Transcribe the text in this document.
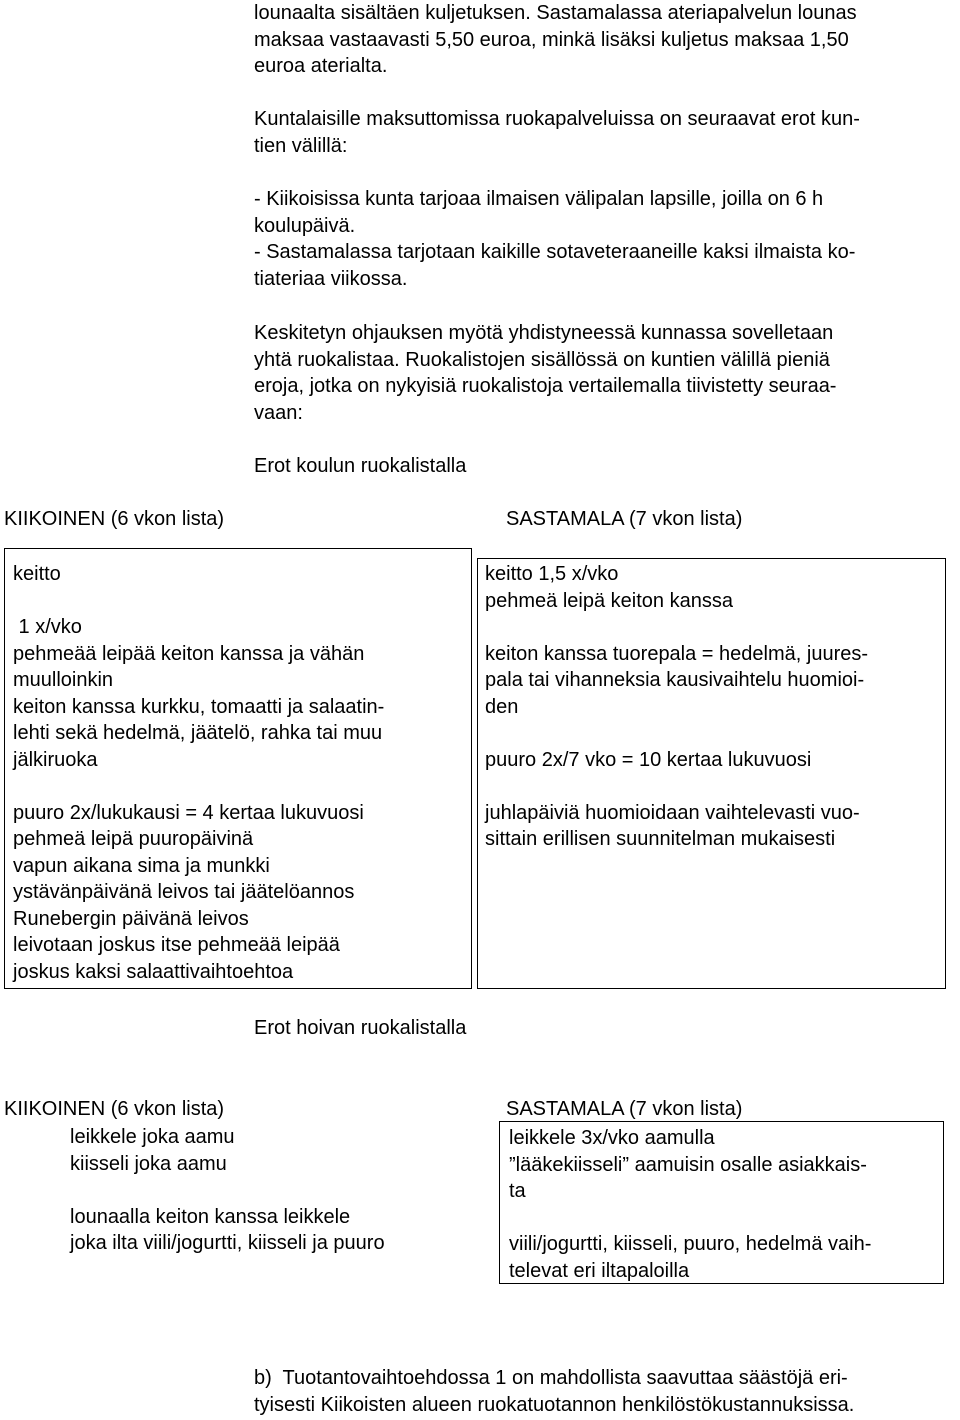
lounaalta sisältäen kuljetuksen. Sastamalassa ateriapalvelun lounas
maksaa vastaavasti 5,50 euroa, minkä lisäksi kuljetus maksaa 1,50
euroa aterialta.
Kuntalaisille maksuttomissa ruokapalveluissa on seuraavat erot kun-
tien välillä:
- Kiikoisissa kunta tarjoaa ilmaisen välipalan lapsille, joilla on 6 h
koulupäivä.
- Sastamalassa tarjotaan kaikille sotaveteraaneille kaksi ilmaista ko-
tiateriaa viikossa.
Keskitetyn ohjauksen myötä yhdistyneessä kunnassa sovelletaan
yhtä ruokalistaa. Ruokalistojen sisällössä on kuntien välillä pieniä
eroja, jotka on nykyisiä ruokalistoja vertailemalla tiivistetty seuraa-
vaan:
Erot koulun ruokalistalla
KIIKOINEN (6 vkon lista)	SASTAMALA (7 vkon lista)
keitto

1 x/vko
pehmeää leipää keiton kanssa ja vähän
muulloinkin
keiton kanssa kurkku, tomaatti ja salaatin-
lehti sekä hedelmä, jäätelö, rahka tai muu
jälkiruoka

puuro 2x/lukukausi = 4 kertaa lukuvuosi
pehmeä leipä puuropäivinä
vapun aikana sima ja munkki
ystävänpäivänä leivos tai jäätelöannos
Runebergin päivänä leivos
leivotaan joskus itse pehmeää leipää
joskus kaksi salaattivaihtoehtoa
keitto 1,5 x/vko
pehmeä leipä keiton kanssa

keiton kanssa tuorepala = hedelmä, juures-
pala tai vihanneksia kausivaihtelu huomioi-
den

puuro 2x/7 vko = 10 kertaa lukuvuosi

juhlapäiviä huomioidaan vaihtelevasti vuo-
sittain erillisen suunnitelman mukaisesti
Erot hoivan ruokalistalla
KIIKOINEN (6 vkon lista)	SASTAMALA (7 vkon lista)
leikkele joka aamu
kiisseli joka aamu

lounaalla keiton kanssa leikkele
joka ilta viili/jogurtti, kiisseli ja puuro
leikkele 3x/vko aamulla
”lääkekiisseli” aamuisin osalle asiakkais-
ta

viili/jogurtti, kiisseli, puuro, hedelmä vaih-
televat eri iltapaloilla
b)  Tuotantovaihtoehdossa 1 on mahdollista saavuttaa säästöjä eri-
tyisesti Kiikoisten alueen ruokatuotannon henkilöstökustannuksissa.
